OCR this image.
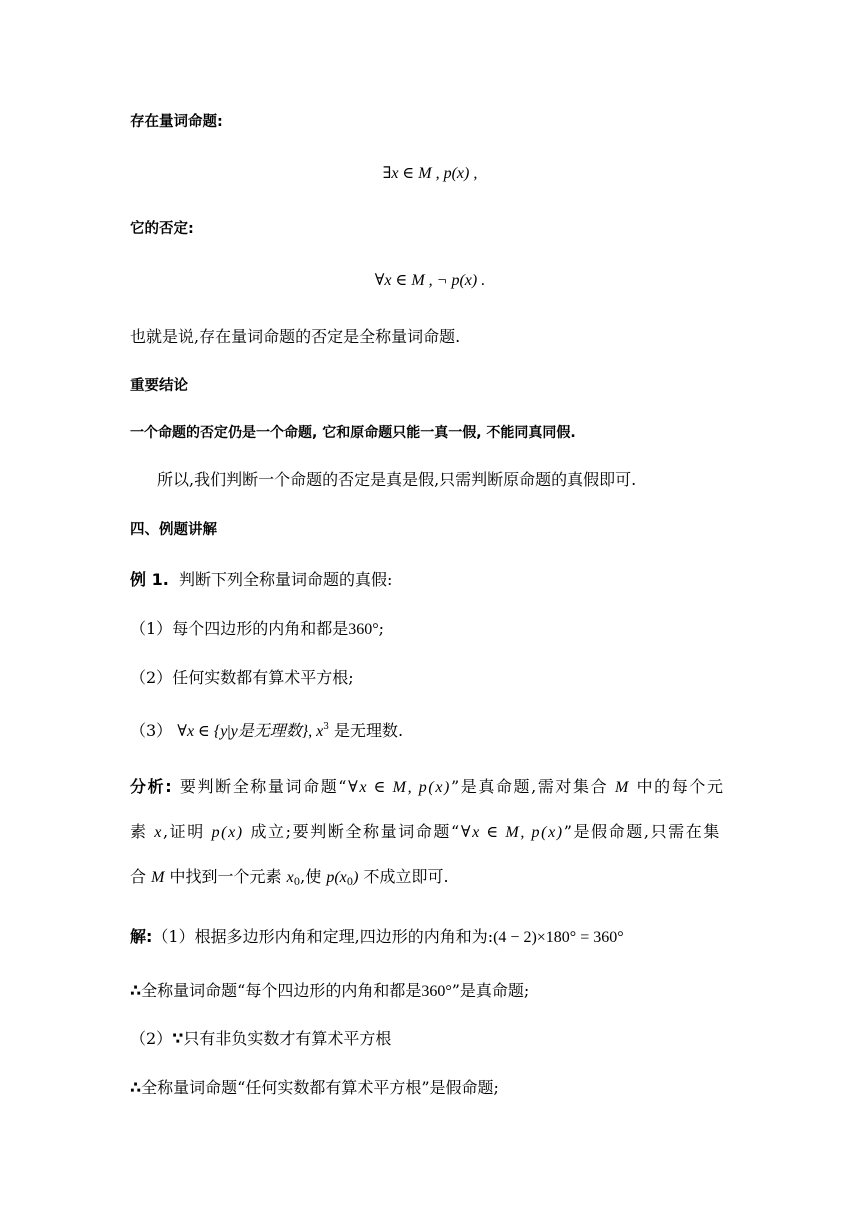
存在量词命题:
∃x ∈ M , p(x) ,
它的否定:
∀x ∈ M , ¬ p(x) .
也就是说,存在量词命题的否定是全称量词命题.
重要结论
一个命题的否定仍是一个命题, 它和原命题只能一真一假, 不能同真同假.
所以,我们判断一个命题的否定是真是假,只需判断原命题的真假即可.
四、例题讲解
例 1. 判断下列全称量词命题的真假:
（1）每个四边形的内角和都是360°;
（2）任何实数都有算术平方根;
（3） ∀x ∈ {y|y是无理数}, $x^3$ 是无理数.
分析: 要判断全称量词命题“∀x ∈ M, p(x)”是真命题,需对集合 M 中的每个元
素 x,证明 p(x) 成立;要判断全称量词命题“∀x ∈ M, p(x)”是假命题,只需在集
合 M 中找到一个元素 $x_0$,使 $p(x_0)$ 不成立即可.
解:（1）根据多边形内角和定理,四边形的内角和为:(4 − 2)×180° = 360°
∴全称量词命题“每个四边形的内角和都是360°”是真命题;
（2）∵只有非负实数才有算术平方根
∴全称量词命题“任何实数都有算术平方根”是假命题;
